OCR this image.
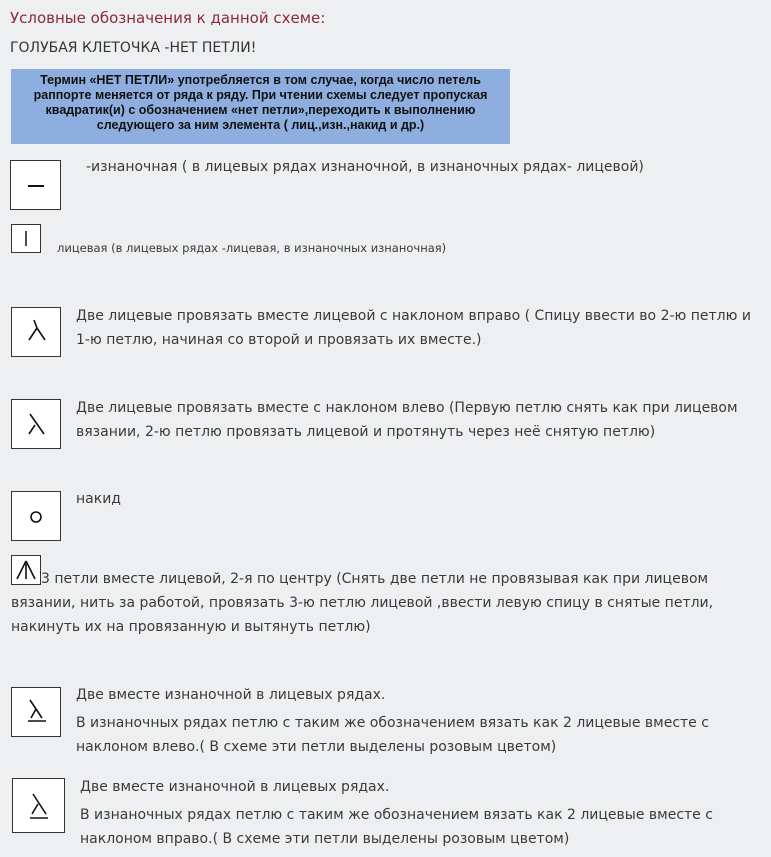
Условные обозначения к данной схеме:
ГОЛУБАЯ КЛЕТОЧКА -НЕТ ПЕТЛИ!
Термин «НЕТ ПЕТЛИ» употребляется в том случае, когда число петель
раппорте меняется от ряда к ряду. При чтении схемы следует пропуская
квадратик(и) с обозначением «нет петли»,переходить к выполнению
следующего за ним элемента ( лиц.,изн.,накид и др.)
-изнаночная ( в лицевых рядах изнаночной, в изнаночных рядах- лицевой)
лицевая (в лицевых рядах -лицевая, в изнаночных изнаночная)
Две лицевые провязать вместе лицевой с наклоном вправо ( Спицу ввести во 2-ю петлю и
1-ю петлю, начиная со второй и провязать их вместе.)
Две лицевые провязать вместе с наклоном влево (Первую петлю снять как при лицевом
вязании, 2-ю петлю провязать лицевой и протянуть через неё снятую петлю)
накид
3 петли вместе лицевой, 2-я по центру (Снять две петли не провязывая как при лицевом
вязании, нить за работой, провязать 3-ю петлю лицевой ,ввести левую спицу в снятые петли,
накинуть их на провязанную и вытянуть петлю)
Две вместе изнаночной в лицевых рядах.
В изнаночных рядах петлю с таким же обозначением вязать как 2 лицевые вместе с
наклоном влево.( В схеме эти петли выделены розовым цветом)
Две вместе изнаночной в лицевых рядах.
В изнаночных рядах петлю с таким же обозначением вязать как 2 лицевые вместе с
наклоном вправо.( В схеме эти петли выделены розовым цветом)
